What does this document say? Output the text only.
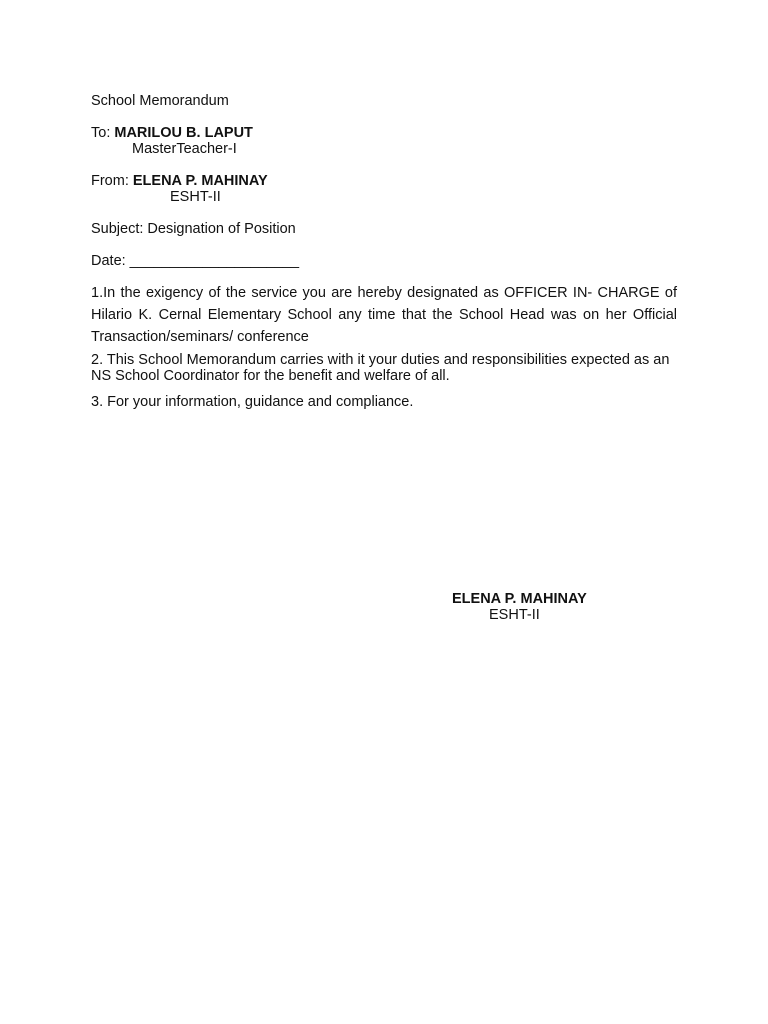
School Memorandum
To: MARILOU B. LAPUT
MasterTeacher-I
From: ELENA P. MAHINAY
ESHT-II
Subject: Designation of Position
Date: _____________________
1.In the exigency of the service you are hereby designated as OFFICER IN- CHARGE of Hilario K. Cernal Elementary School any time that the School Head was on her Official Transaction/seminars/ conference
2. This School Memorandum carries with it your duties and responsibilities expected as an NS School Coordinator for the benefit and welfare of all.
3. For your information, guidance and compliance.
ELENA P. MAHINAY
ESHT-II
